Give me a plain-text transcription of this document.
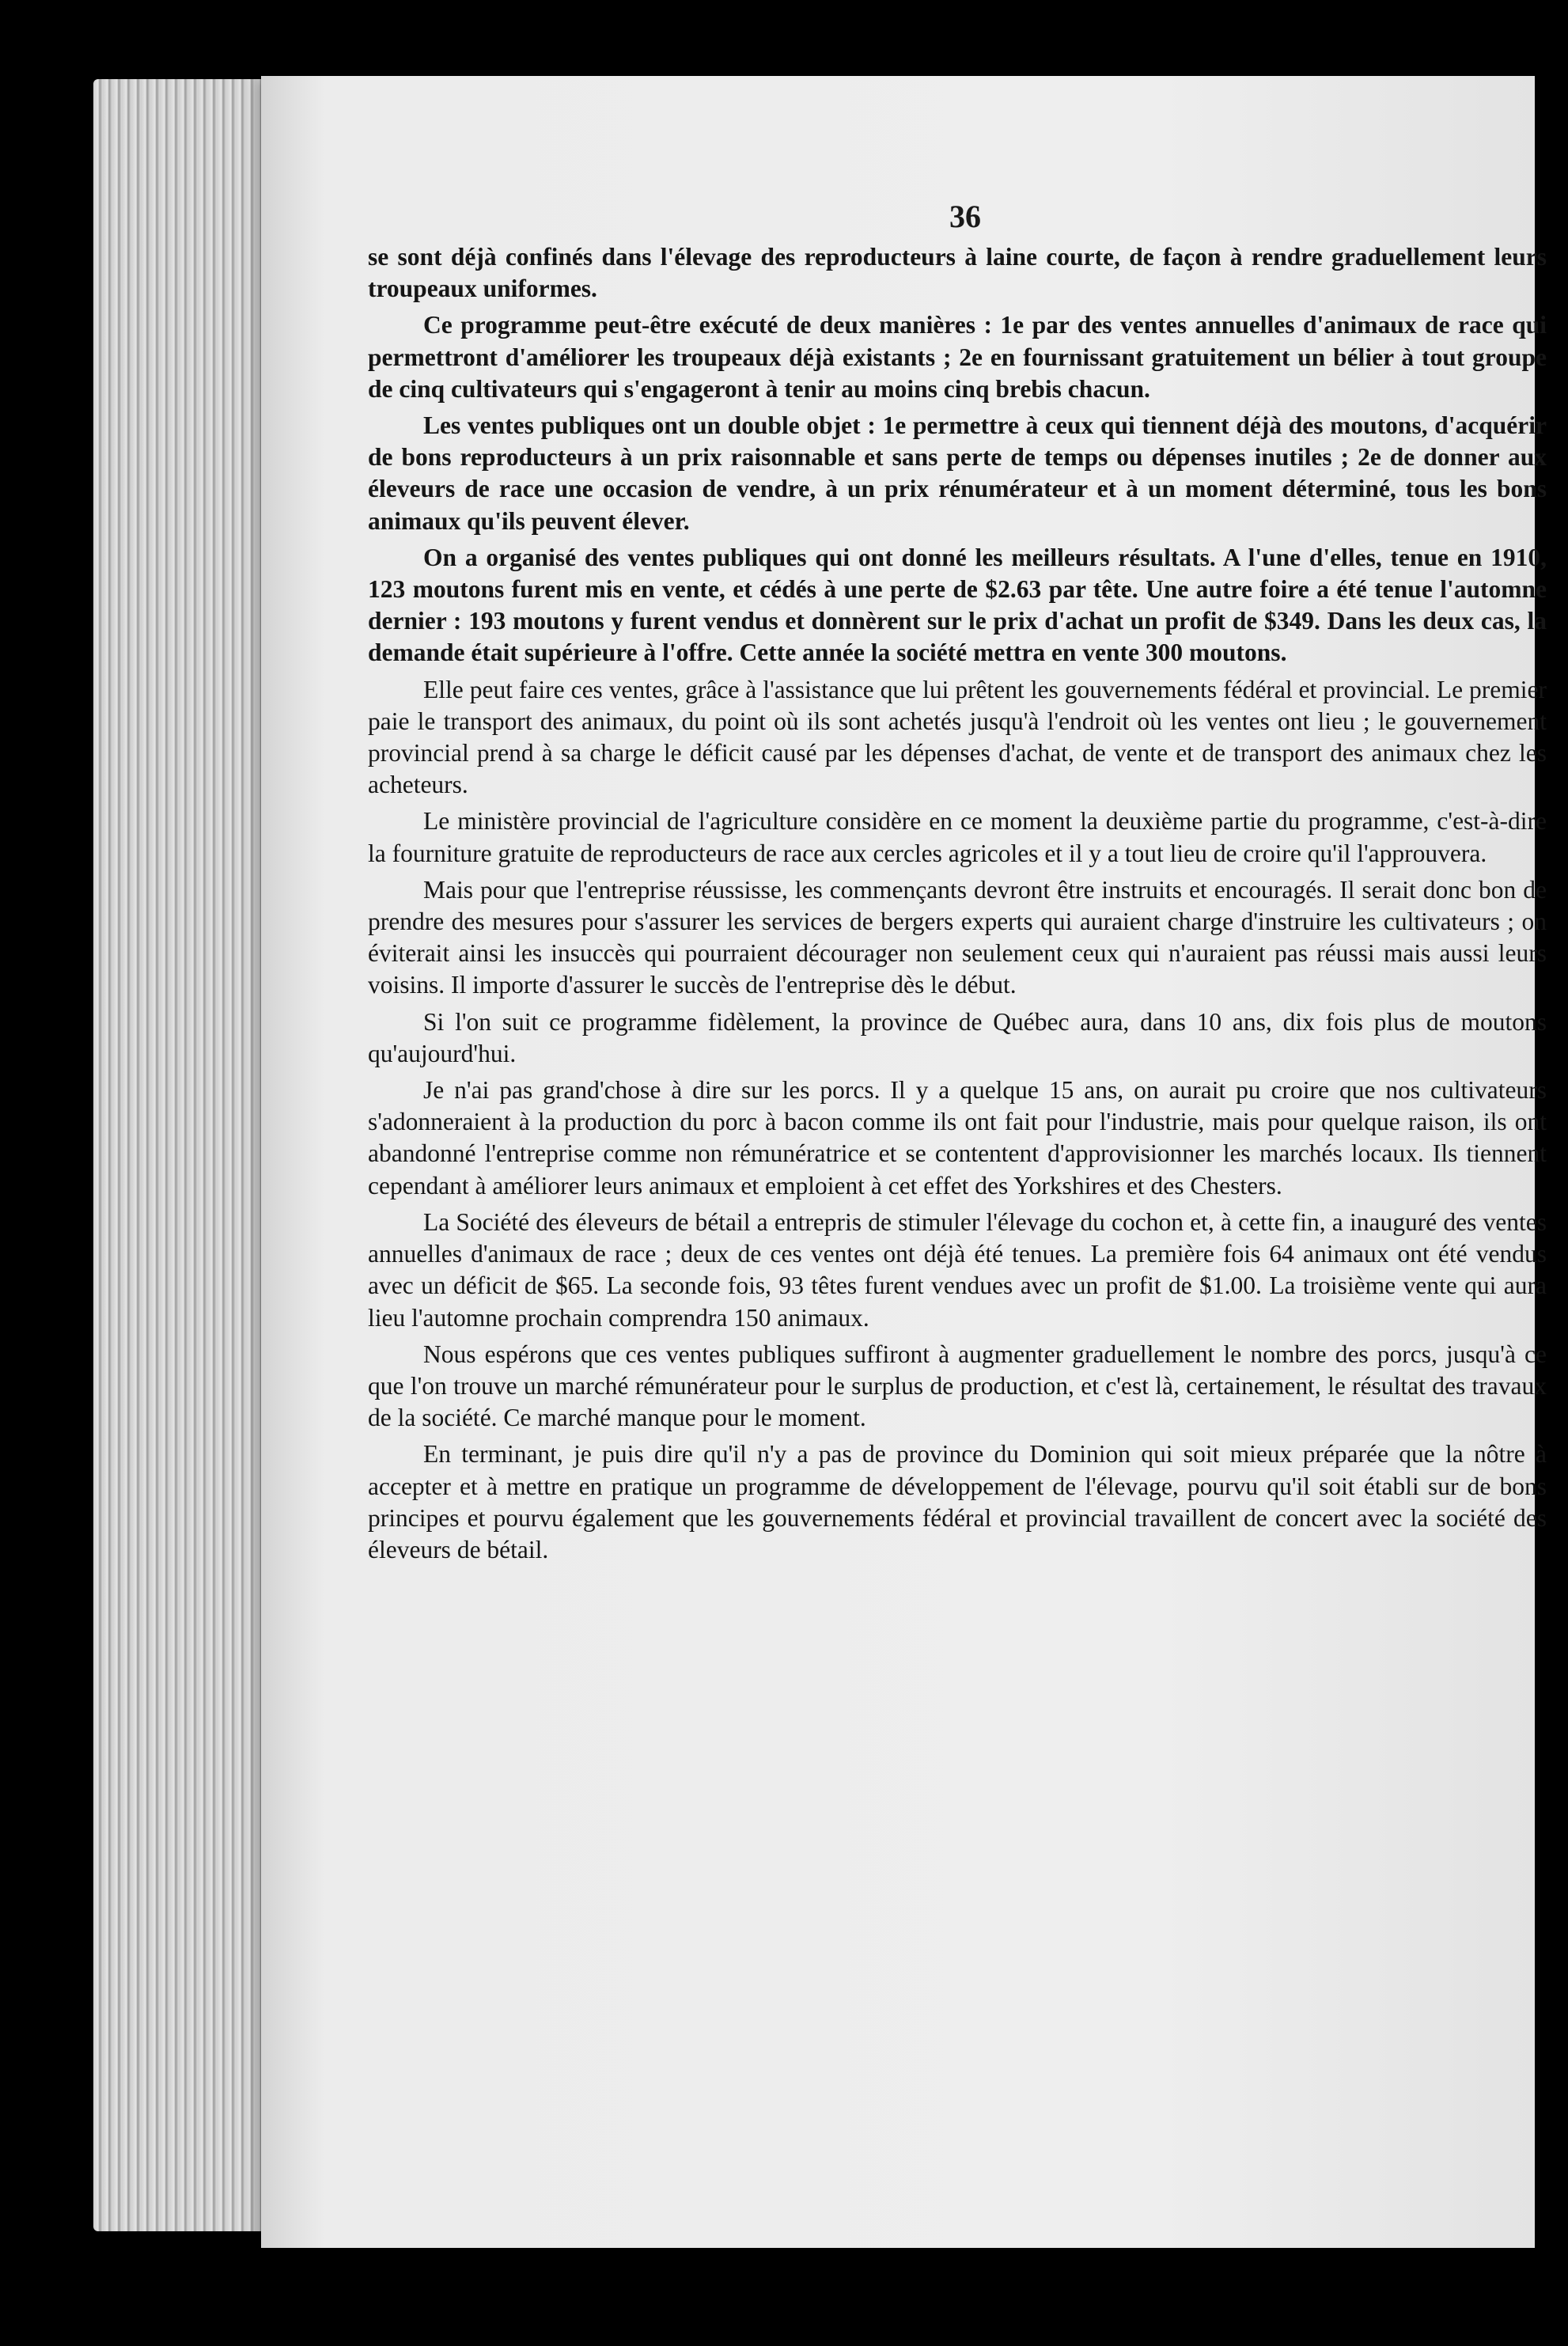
36

se sont déjà confinés dans l'élevage des reproducteurs à laine courte, de façon à rendre graduellement leurs troupeaux uniformes.

Ce programme peut-être exécuté de deux manières : 1e par des ventes annuelles d'animaux de race qui permettront d'améliorer les troupeaux déjà existants ; 2e en fournissant gratuitement un bélier à tout groupe de cinq cultivateurs qui s'engageront à tenir au moins cinq brebis chacun.

Les ventes publiques ont un double objet : 1e permettre à ceux qui tiennent déjà des moutons, d'acquérir de bons reproducteurs à un prix raisonnable et sans perte de temps ou dépenses inutiles ; 2e de donner aux éleveurs de race une occasion de vendre, à un prix rénumérateur et à un moment déterminé, tous les bons animaux qu'ils peuvent élever.

On a organisé des ventes publiques qui ont donné les meilleurs résultats. A l'une d'elles, tenue en 1910, 123 moutons furent mis en vente, et cédés à une perte de $2.63 par tête. Une autre foire a été tenue l'automne dernier : 193 moutons y furent vendus et donnèrent sur le prix d'achat un profit de $349. Dans les deux cas, la demande était supérieure à l'offre. Cette année la société mettra en vente 300 moutons.

Elle peut faire ces ventes, grâce à l'assistance que lui prêtent les gouvernements fédéral et provincial. Le premier paie le transport des animaux, du point où ils sont achetés jusqu'à l'endroit où les ventes ont lieu ; le gouvernement provincial prend à sa charge le déficit causé par les dépenses d'achat, de vente et de transport des animaux chez les acheteurs.

Le ministère provincial de l'agriculture considère en ce moment la deuxième partie du programme, c'est-à-dire la fourniture gratuite de reproducteurs de race aux cercles agricoles et il y a tout lieu de croire qu'il l'approuvera.

Mais pour que l'entreprise réussisse, les commençants devront être instruits et encouragés. Il serait donc bon de prendre des mesures pour s'assurer les services de bergers experts qui auraient charge d'instruire les cultivateurs ; on éviterait ainsi les insuccès qui pourraient décourager non seulement ceux qui n'auraient pas réussi mais aussi leurs voisins. Il importe d'assurer le succès de l'entreprise dès le début.

Si l'on suit ce programme fidèlement, la province de Québec aura, dans 10 ans, dix fois plus de moutons qu'aujourd'hui.

Je n'ai pas grand'chose à dire sur les porcs. Il y a quelque 15 ans, on aurait pu croire que nos cultivateurs s'adonneraient à la production du porc à bacon comme ils ont fait pour l'industrie, mais pour quelque raison, ils ont abandonné l'entreprise comme non rémunératrice et se contentent d'approvisionner les marchés locaux. Ils tiennent cependant à améliorer leurs animaux et emploient à cet effet des Yorkshires et des Chesters.

La Société des éleveurs de bétail a entrepris de stimuler l'élevage du cochon et, à cette fin, a inauguré des ventes annuelles d'animaux de race ; deux de ces ventes ont déjà été tenues. La première fois 64 animaux ont été vendus avec un déficit de $65. La seconde fois, 93 têtes furent vendues avec un profit de $1.00. La troisième vente qui aura lieu l'automne prochain comprendra 150 animaux.

Nous espérons que ces ventes publiques suffiront à augmenter graduellement le nombre des porcs, jusqu'à ce que l'on trouve un marché rémunérateur pour le surplus de production, et c'est là, certainement, le résultat des travaux de la société. Ce marché manque pour le moment.

En terminant, je puis dire qu'il n'y a pas de province du Dominion qui soit mieux préparée que la nôtre à accepter et à mettre en pratique un programme de développement de l'élevage, pourvu qu'il soit établi sur de bons principes et pourvu également que les gouvernements fédéral et provincial travaillent de concert avec la société des éleveurs de bétail.
